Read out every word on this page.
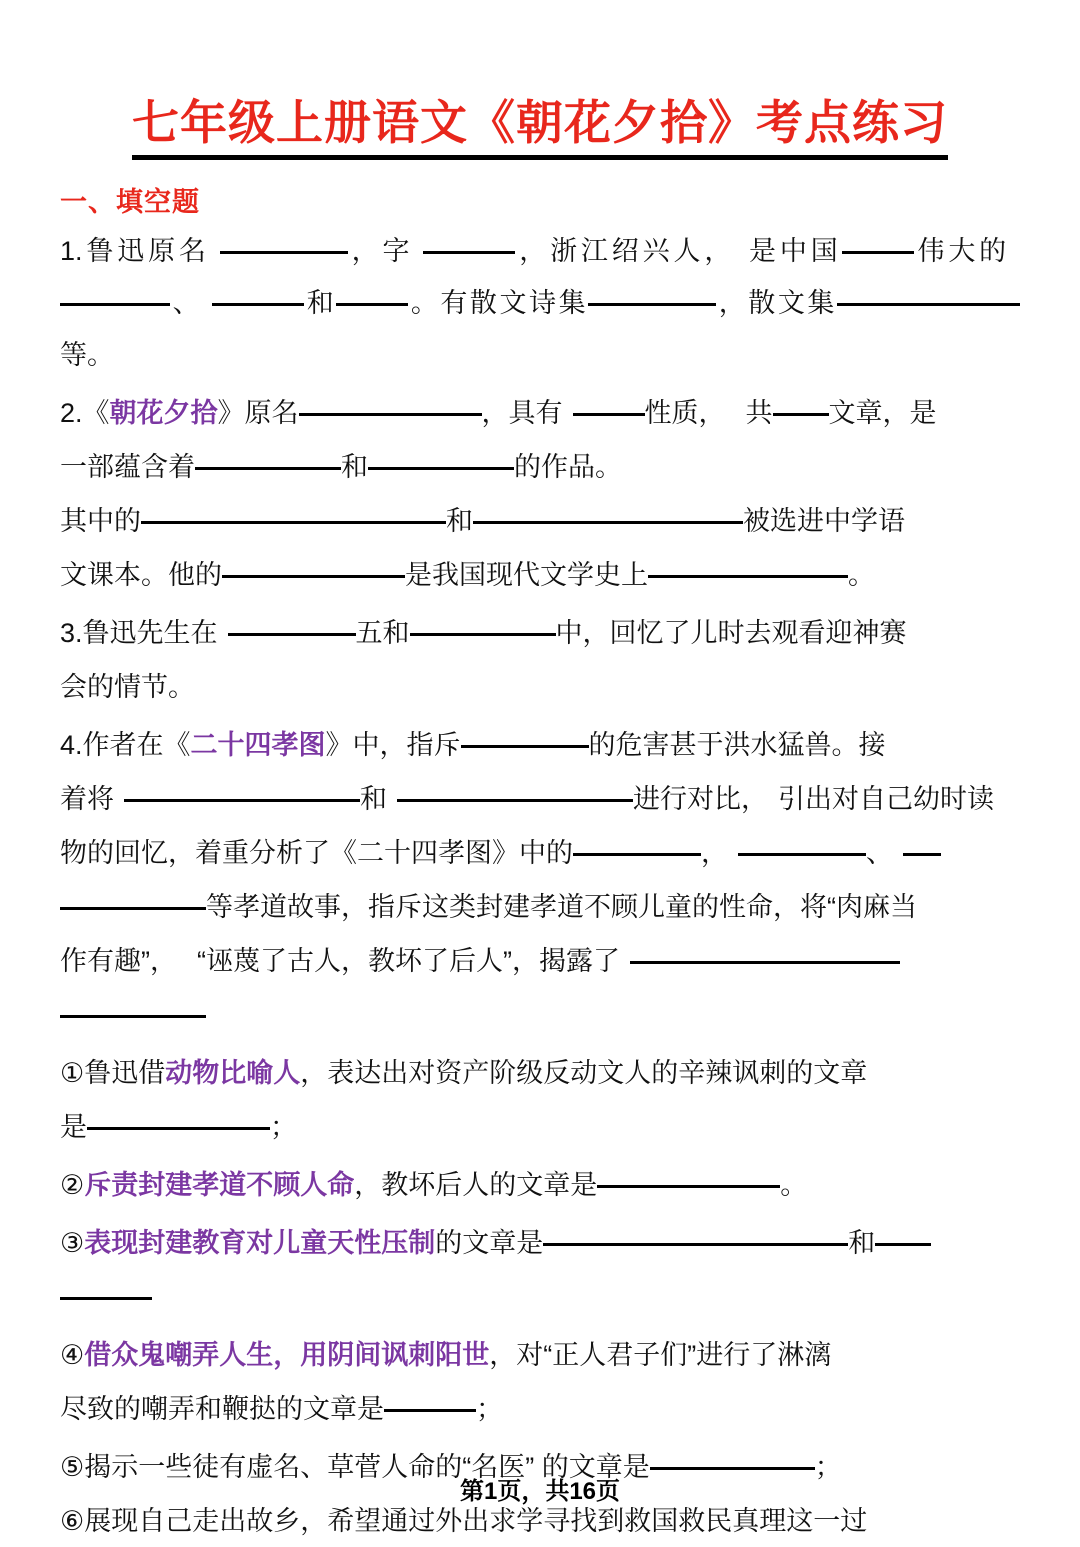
七年级上册语文《朝花夕拾》考点练习
一、填空题
1.鲁迅原名	，字	，浙江绍兴人， 是中国	伟大的、	和	。有散文诗集	，散文集等。
2.《朝花夕拾》原名	，具有	性质， 共 文章，是
一部蕴含着	和	的作品。
其中的	和	被选进中学语
文课本。他的	是我国现代文学史上	。
3.鲁迅先生在	五和	中，回忆了儿时去观看迎神赛
会的情节。
4.作者在《二十四孝图》中，指斥	的危害甚于洪水猛兽。接
着将	和	进行对比， 引出对自己幼时读
物的回忆，着重分析了《二十四孝图》中的	，	、
等孝道故事，指斥这类封建孝道不顾儿童的性命，将“肉麻当
作有趣”， “诬蔑了古人，教坏了后人”，揭露了
①鲁迅借动物比喻人，表达出对资产阶级反动文人的辛辣讽刺的文章
是	；
②斥责封建孝道不顾人命，教坏后人的文章是	。
③表现封建教育对儿童天性压制的文章是	和
④借众鬼嘲弄人生，用阴间讽刺阳世，对“正人君子们”进行了淋漓
尽致的嘲弄和鞭挞的文章是	；
⑤揭示一些徒有虚名、草菅人命的“名医” 的文章是	；
⑥展现自己走出故乡，希望通过外出求学寻找到救国救民真理这一过
第1页，共16页
